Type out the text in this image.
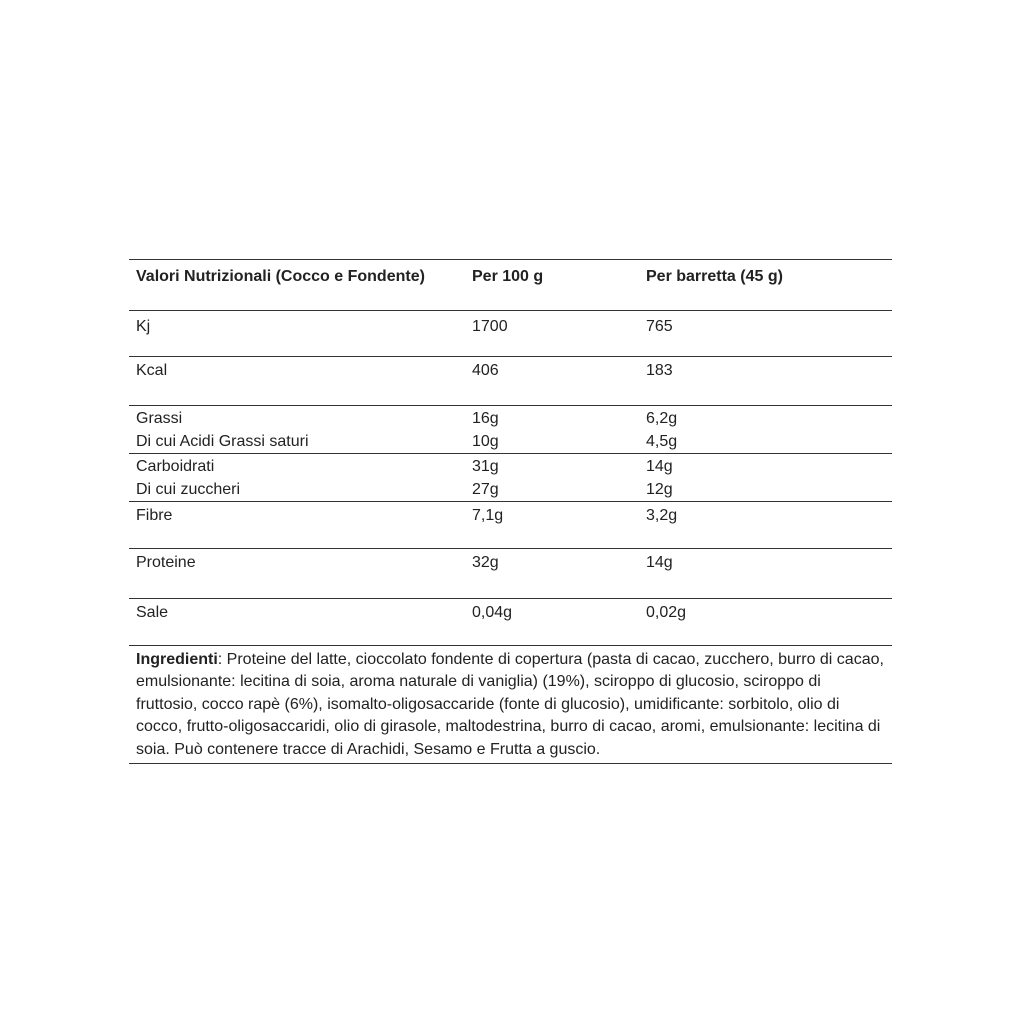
Valori Nutrizionali (Cocco e Fondente)	Per 100 g	Per barretta (45 g)
Kj	1700	765
Kcal	406	183
Grassi	16g	6,2g
Di cui Acidi Grassi saturi	10g	4,5g
Carboidrati	31g	14g
Di cui zuccheri	27g	12g
Fibre	7,1g	3,2g
Proteine	32g	14g
Sale	0,04g	0,02g
Ingredienti: Proteine del latte, cioccolato fondente di copertura (pasta di cacao, zucchero, burro di cacao, emulsionante: lecitina di soia, aroma naturale di vaniglia) (19%), sciroppo di glucosio, sciroppo di fruttosio, cocco rapè (6%), isomalto-oligosaccaride (fonte di glucosio), umidificante: sorbitolo, olio di cocco, frutto-oligosaccaridi, olio di girasole, maltodestrina, burro di cacao, aromi, emulsionante: lecitina di soia. Può contenere tracce di Arachidi, Sesamo e Frutta a guscio.
